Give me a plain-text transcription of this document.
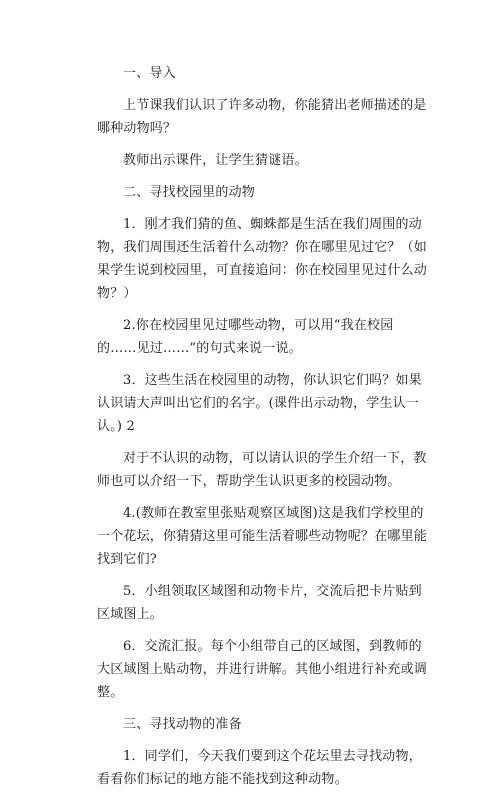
一、导入

上节课我们认识了许多动物，你能猜出老师描述的是哪种动物吗？

教师出示课件，让学生猜谜语。

二、寻找校园里的动物

1．刚才我们猜的鱼、蜘蛛都是生活在我们周围的动物，我们周围还生活着什么动物？你在哪里见过它？（如果学生说到校园里，可直接追问：你在校园里见过什么动物？）

2.你在校园里见过哪些动物，可以用“我在校园的……见过……”的句式来说一说。

3．这些生活在校园里的动物，你认识它们吗？如果认识请大声叫出它们的名字。(课件出示动物，学生认一认。) 2

对于不认识的动物，可以请认识的学生介绍一下，教师也可以介绍一下，帮助学生认识更多的校园动物。

4.(教师在教室里张贴观察区域图)这是我们学校里的一个花坛，你猜猜这里可能生活着哪些动物呢？在哪里能找到它们?

5．小组领取区域图和动物卡片，交流后把卡片贴到区域图上。

6．交流汇报。每个小组带自己的区域图，到教师的大区域图上贴动物，并进行讲解。其他小组进行补充或调整。

三、寻找动物的准备

1．同学们，今天我们要到这个花坛里去寻找动物，看看你们标记的地方能不能找到这种动物。
